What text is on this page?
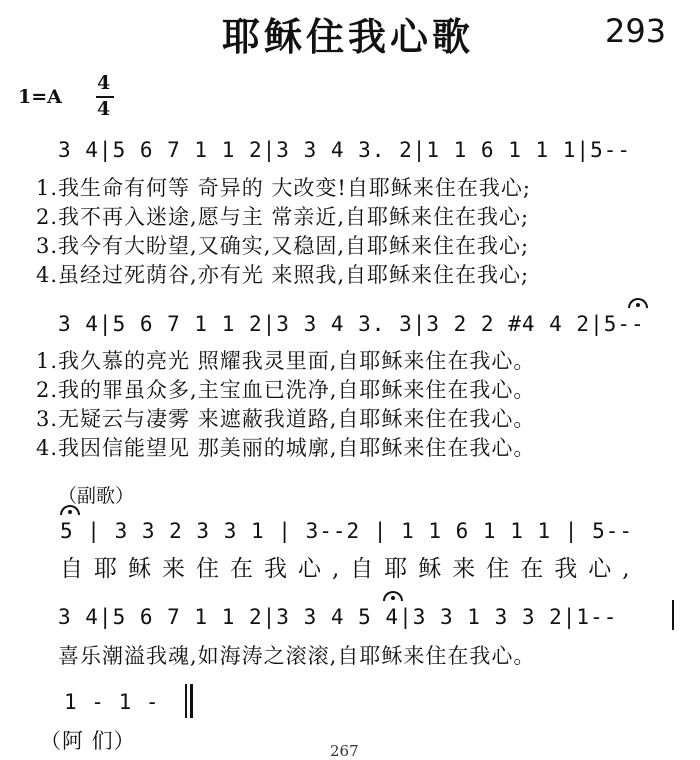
耶稣住我心歌	293
1=A
4
4
3 4|5 6 7 1 1 2|3 3 4 3. 2|1 1 6 1 1 1|5--
1.我生命有何等 奇异的 大改变!自耶稣来住在我心;
2.我不再入迷途,愿与主 常亲近,自耶稣来住在我心;
3.我今有大盼望,又确实,又稳固,自耶稣来住在我心;
4.虽经过死荫谷,亦有光 来照我,自耶稣来住在我心;
3 4|5 6 7 1 1 2|3 3 4 3. 3|3 2 2 #4 4 2|5--
1.我久慕的亮光 照耀我灵里面,自耶稣来住在我心。
2.我的罪虽众多,主宝血已洗净,自耶稣来住在我心。
3.无疑云与凄雾 来遮蔽我道路,自耶稣来住在我心。
4.我因信能望见 那美丽的城廓,自耶稣来住在我心。
（副歌）
5 | 3 3 2 3 3 1 | 3--2 | 1 1 6 1 1 1 | 5--
自耶稣来住在我心,自耶稣来住在我心,
3 4|5 6 7 1 1 2|3 3 4 5 4|3 3 1 3 3 2|1--
喜乐潮溢我魂,如海涛之滚滚,自耶稣来住在我心。
1 - 1 -
（阿 们）	267
